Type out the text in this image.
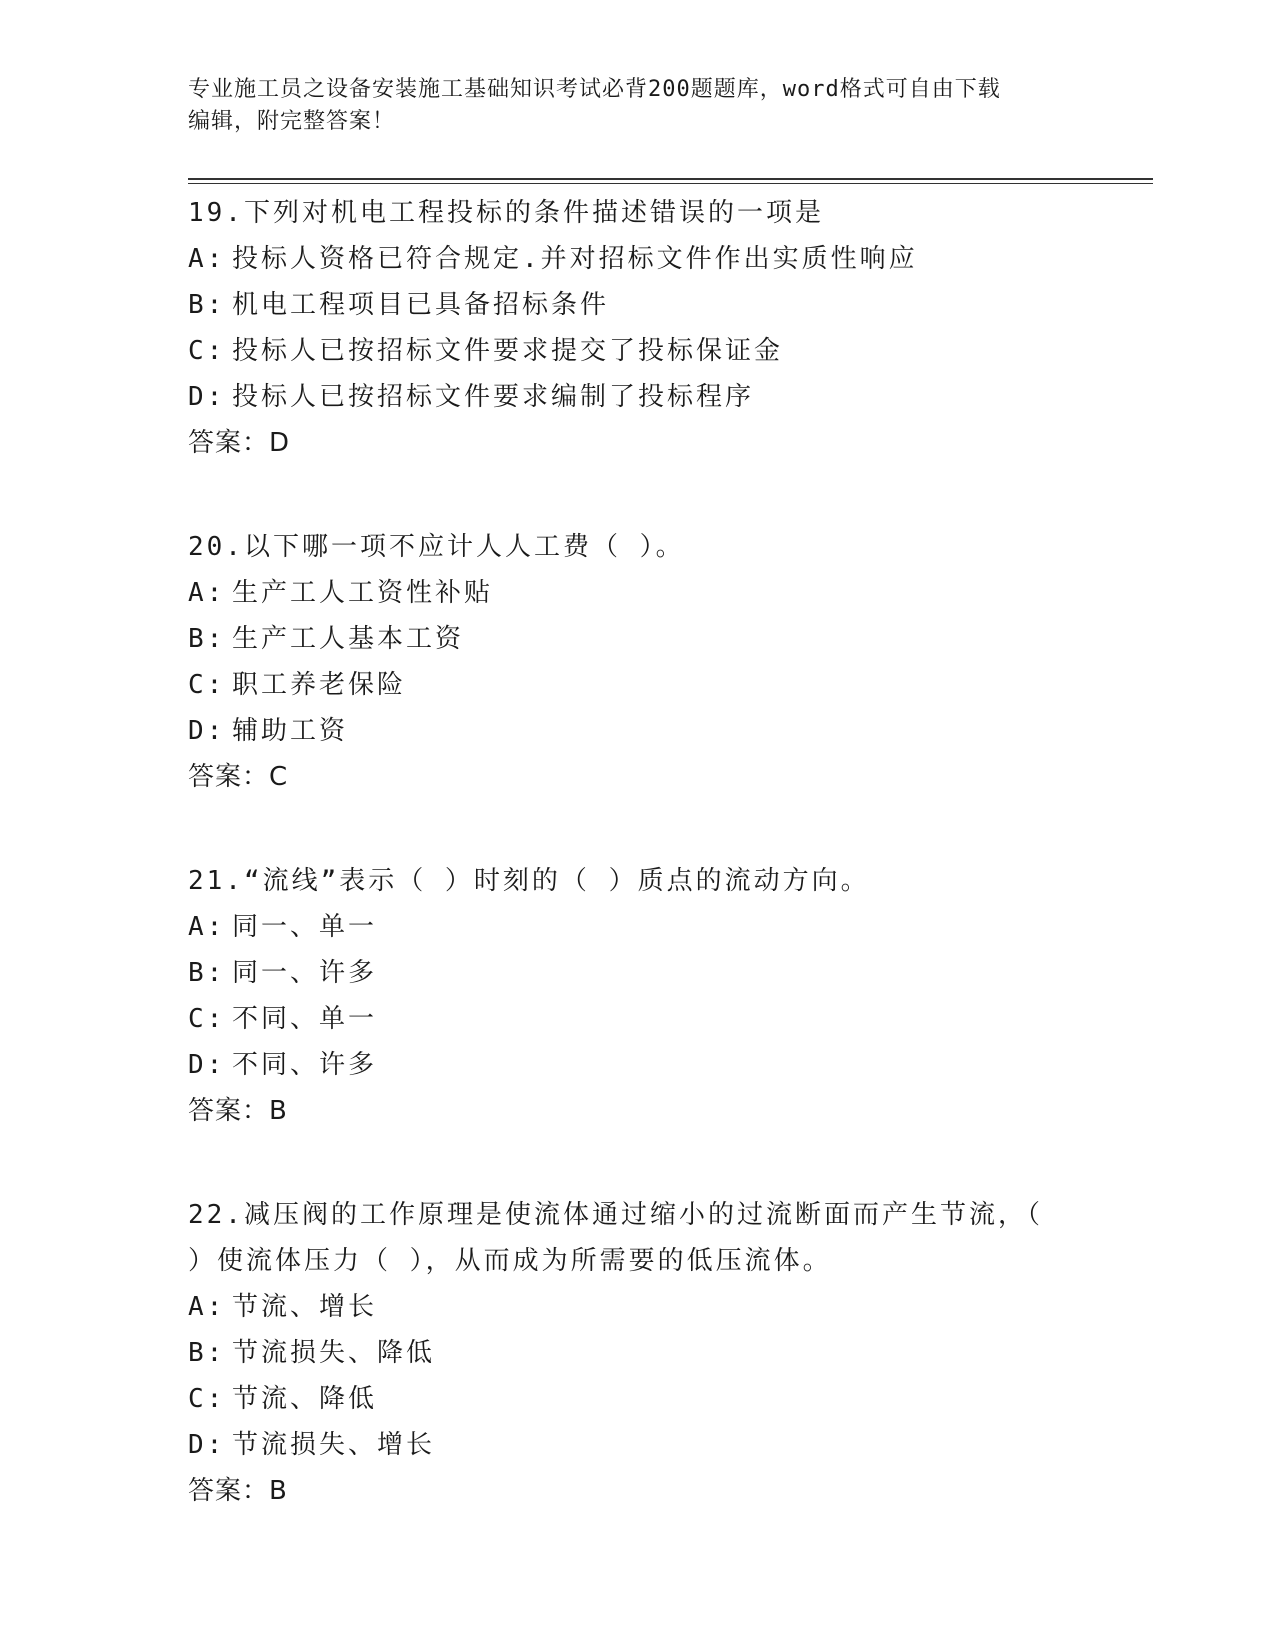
专业施工员之设备安装施工基础知识考试必背200题题库，word格式可自由下载
编辑，附完整答案！
19.下列对机电工程投标的条件描述错误的一项是
A: 投标人资格已符合规定.并对招标文件作出实质性响应
B: 机电工程项目已具备招标条件
C: 投标人已按招标文件要求提交了投标保证金
D: 投标人已按招标文件要求编制了投标程序
答案：D
20.以下哪一项不应计人人工费（ ）。
A: 生产工人工资性补贴
B: 生产工人基本工资
C: 职工养老保险
D: 辅助工资
答案：C
21.“流线”表示（ ）时刻的（ ）质点的流动方向。
A: 同一、单一
B: 同一、许多
C: 不同、单一
D: 不同、许多
答案：B
22.减压阀的工作原理是使流体通过缩小的过流断面而产生节流，（
）使流体压力（ ），从而成为所需要的低压流体。
A: 节流、增长
B: 节流损失、降低
C: 节流、降低
D: 节流损失、增长
答案：B
